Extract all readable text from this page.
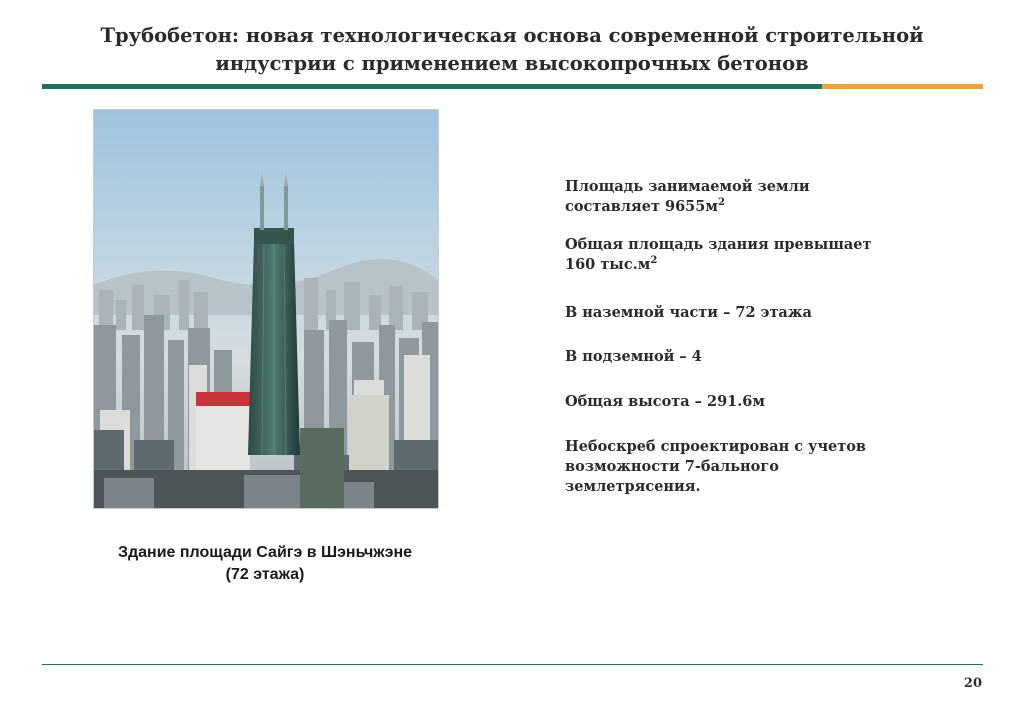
Трубобетон: новая технологическая основа современной строительной
индустрии с применением высокопрочных бетонов
Здание площади Сайгэ в Шэньчжэне
(72 этажа)
Площадь занимаемой земли
составляет $9655м^2$
Общая площадь здания превышает
160 $тыс.м^2$
В наземной части – 72 этажа
В подземной – 4
Общая высота – 291.6м
Небоскреб спроектирован с учетов
возможности 7-бального
землетрясения.
20
